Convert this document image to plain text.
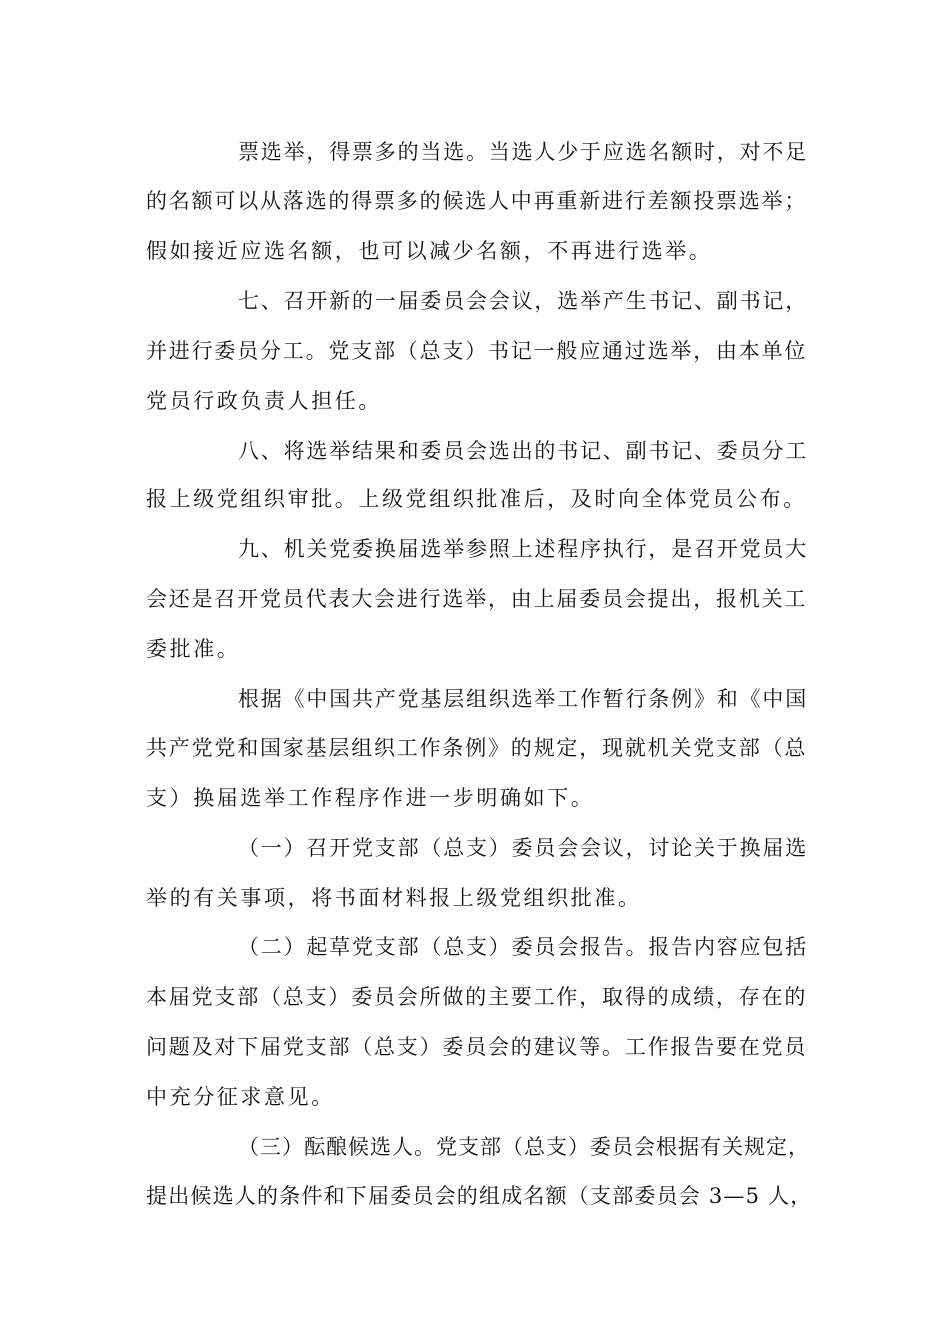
票选举，得票多的当选。当选人少于应选名额时，对不足
的名额可以从落选的得票多的候选人中再重新进行差额投票选举；
假如接近应选名额，也可以减少名额，不再进行选举。
七、召开新的一届委员会会议，选举产生书记、副书记，
并进行委员分工。党支部（总支）书记一般应通过选举，由本单位
党员行政负责人担任。
八、将选举结果和委员会选出的书记、副书记、委员分工
报上级党组织审批。上级党组织批准后，及时向全体党员公布。
九、机关党委换届选举参照上述程序执行，是召开党员大
会还是召开党员代表大会进行选举，由上届委员会提出，报机关工
委批准。
根据《中国共产党基层组织选举工作暂行条例》和《中国
共产党党和国家基层组织工作条例》的规定，现就机关党支部（总
支）换届选举工作程序作进一步明确如下。
（一）召开党支部（总支）委员会会议，讨论关于换届选
举的有关事项，将书面材料报上级党组织批准。
（二）起草党支部（总支）委员会报告。报告内容应包括
本届党支部（总支）委员会所做的主要工作，取得的成绩，存在的
问题及对下届党支部（总支）委员会的建议等。工作报告要在党员
中充分征求意见。
（三）酝酿候选人。党支部（总支）委员会根据有关规定，
提出候选人的条件和下届委员会的组成名额（支部委员会 3—5 人，
